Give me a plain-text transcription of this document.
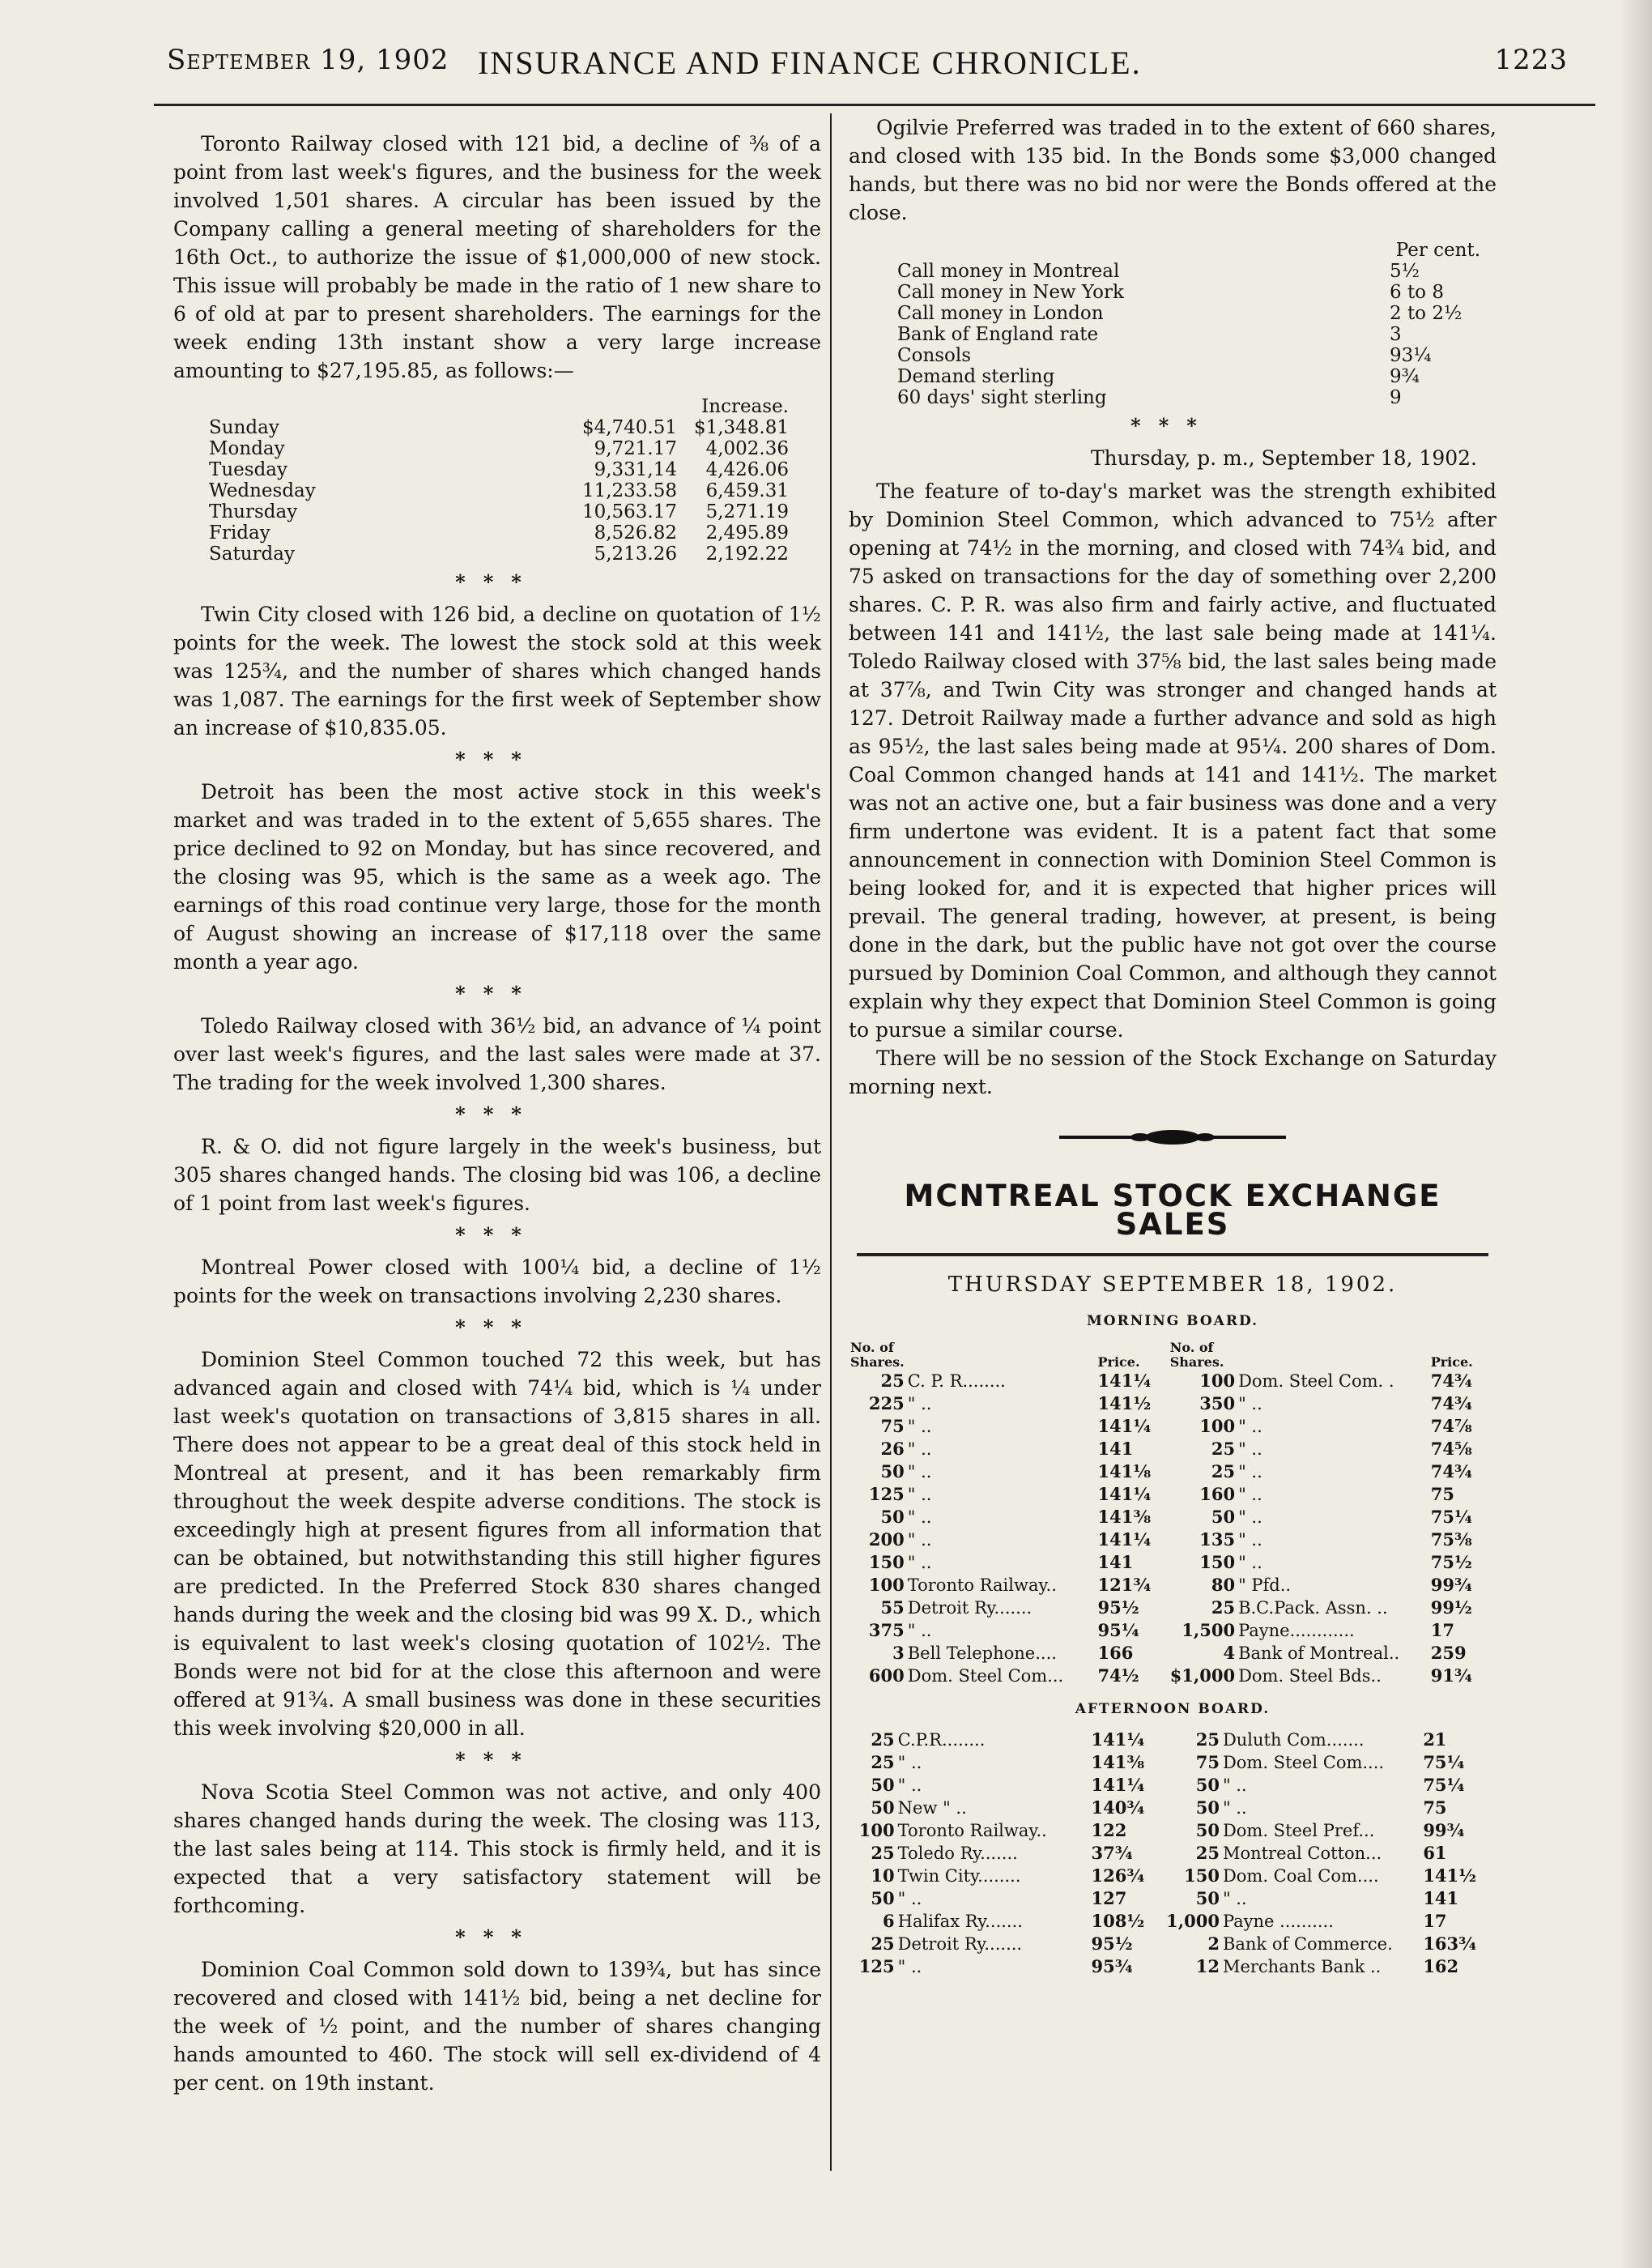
September 19, 1902 INSURANCE AND FINANCE CHRONICLE.	1223

Toronto Railway closed with 121 bid, a decline of ⅜ of a point from last week's figures, and the business for the week involved 1,501 shares. A circular has been issued by the Company calling a general meeting of shareholders for the 16th Oct., to authorize the issue of $1,000,000 of new stock. This issue will probably be made in the ratio of 1 new share to 6 of old at par to present shareholders. The earnings for the week ending 13th instant show a very large increase amounting to $27,195.85, as follows:—

		Increase.
Sunday	$4,740.51	$1,348.81
Monday	9,721.17	4,002.36
Tuesday	9,331,14	4,426.06
Wednesday	11,233.58	6,459.31
Thursday	10,563.17	5,271.19
Friday	8,526.82	2,495.89
Saturday	5,213.26	2,192.22
***

Twin City closed with 126 bid, a decline on quotation of 1½ points for the week. The lowest the stock sold at this week was 125¾, and the number of shares which changed hands was 1,087. The earnings for the first week of September show an increase of $10,835.05.

***

Detroit has been the most active stock in this week's market and was traded in to the extent of 5,655 shares. The price declined to 92 on Monday, but has since recovered, and the closing was 95, which is the same as a week ago. The earnings of this road continue very large, those for the month of August showing an increase of $17,118 over the same month a year ago.

***

Toledo Railway closed with 36½ bid, an advance of ¼ point over last week's figures, and the last sales were made at 37. The trading for the week involved 1,300 shares.

***

R. & O. did not figure largely in the week's business, but 305 shares changed hands. The closing bid was 106, a decline of 1 point from last week's figures.

***

Montreal Power closed with 100¼ bid, a decline of 1½ points for the week on transactions involving 2,230 shares.

***

Dominion Steel Common touched 72 this week, but has advanced again and closed with 74¼ bid, which is ¼ under last week's quotation on transactions of 3,815 shares in all. There does not appear to be a great deal of this stock held in Montreal at present, and it has been remarkably firm throughout the week despite adverse conditions. The stock is exceedingly high at present figures from all information that can be obtained, but notwithstanding this still higher figures are predicted. In the Preferred Stock 830 shares changed hands during the week and the closing bid was 99 X. D., which is equivalent to last week's closing quotation of 102½. The Bonds were not bid for at the close this afternoon and were offered at 91¾. A small business was done in these securities this week involving $20,000 in all.

***

Nova Scotia Steel Common was not active, and only 400 shares changed hands during the week. The closing was 113, the last sales being at 114. This stock is firmly held, and it is expected that a very satisfactory statement will be forthcoming.

***

Dominion Coal Common sold down to 139¾, but has since recovered and closed with 141½ bid, being a net decline for the week of ½ point, and the number of shares changing hands amounted to 460. The stock will sell ex-dividend of 4 per cent. on 19th instant.

Ogilvie Preferred was traded in to the extent of 660 shares, and closed with 135 bid. In the Bonds some $3,000 changed hands, but there was no bid nor were the Bonds offered at the close.

Per cent.
Call money in Montreal	5½
Call money in New York	6 to 8
Call money in London	2 to 2½
Bank of England rate	3
Consols	93¼
Demand sterling	9¾
60 days' sight sterling	9
***
Thursday, p. m., September 18, 1902.

The feature of to-day's market was the strength exhibited by Dominion Steel Common, which advanced to 75½ after opening at 74½ in the morning, and closed with 74¾ bid, and 75 asked on transactions for the day of something over 2,200 shares. C. P. R. was also firm and fairly active, and fluctuated between 141 and 141½, the last sale being made at 141¼. Toledo Railway closed with 37⅝ bid, the last sales being made at 37⅞, and Twin City was stronger and changed hands at 127. Detroit Railway made a further advance and sold as high as 95½, the last sales being made at 95¼. 200 shares of Dom. Coal Common changed hands at 141 and 141½. The market was not an active one, but a fair business was done and a very firm undertone was evident. It is a patent fact that some announcement in connection with Dominion Steel Common is being looked for, and it is expected that higher prices will prevail. The general trading, however, at present, is being done in the dark, but the public have not got over the course pursued by Dominion Coal Common, and although they cannot explain why they expect that Dominion Steel Common is going to pursue a similar course.

There will be no session of the Stock Exchange on Saturday morning next.

MCNTREAL STOCK EXCHANGE SALES
THURSDAY SEPTEMBER 18, 1902.
MORNING BOARD.
No. of Shares.		Price.	No. of Shares.		Price.
25	C. P. R........	141¼	100	Dom. Steel Com. .	74¾
225	" ..	141½	350	" ..	74¾
75	" ..	141¼	100	" ..	74⅞
26	" ..	141	25	" ..	74⅝
50	" ..	141⅛	25	" ..	74¾
125	" ..	141¼	160	" ..	75
50	" ..	141⅜	50	" ..	75¼
200	" ..	141¼	135	" ..	75⅜
150	" ..	141	150	" ..	75½
100	Toronto Railway..	121¾	80	" Pfd..	99¾
55	Detroit Ry.......	95½	25	B.C.Pack. Assn. ..	99½
375	" ..	95¼	1,500	Payne............	17
3	Bell Telephone....	166	4	Bank of Montreal..	259
600	Dom. Steel Com...	74½	$1,000	Dom. Steel Bds..	91¾
AFTERNOON BOARD.
25	C.P.R........	141¼	25	Duluth Com.......	21
25	" ..	141⅜	75	Dom. Steel Com....	75¼
50	" ..	141¼	50	" ..	75¼
50	New " ..	140¾	50	" ..	75
100	Toronto Railway..	122	50	Dom. Steel Pref...	99¾
25	Toledo Ry.......	37¾	25	Montreal Cotton...	61
10	Twin City........	126¾	150	Dom. Coal Com....	141½
50	" ..	127	50	" ..	141
6	Halifax Ry.......	108½	1,000	Payne ..........	17
25	Detroit Ry.......	95½	2	Bank of Commerce.	163¾
125	" ..	95¾	12	Merchants Bank ..	162
